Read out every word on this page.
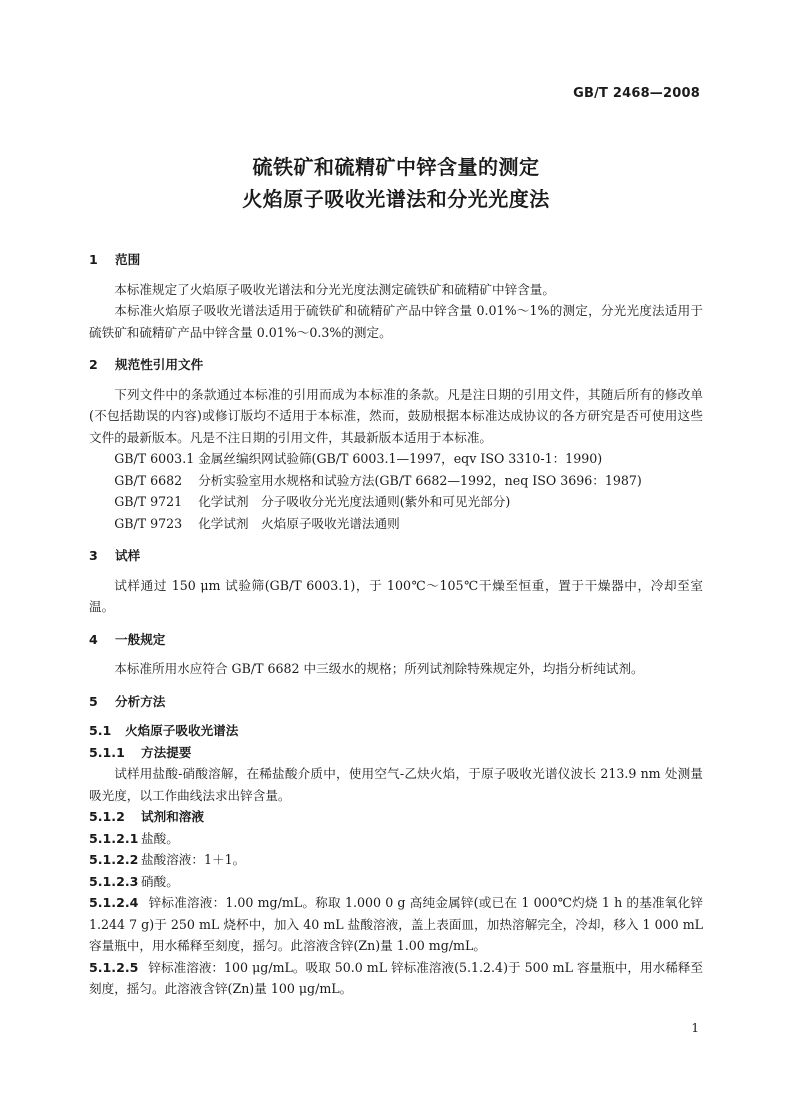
GB/T 2468—2008
硫铁矿和硫精矿中锌含量的测定
火焰原子吸收光谱法和分光光度法
1 范围

本标准规定了火焰原子吸收光谱法和分光光度法测定硫铁矿和硫精矿中锌含量。

本标准火焰原子吸收光谱法适用于硫铁矿和硫精矿产品中锌含量 0.01%～1%的测定，分光光度法适用于硫铁矿和硫精矿产品中锌含量 0.01%～0.3%的测定。

2 规范性引用文件

下列文件中的条款通过本标准的引用而成为本标准的条款。凡是注日期的引用文件，其随后所有的修改单(不包括勘误的内容)或修订版均不适用于本标准，然而，鼓励根据本标准达成协议的各方研究是否可使用这些文件的最新版本。凡是不注日期的引用文件，其最新版本适用于本标准。

GB/T 6003.1 金属丝编织网试验筛(GB/T 6003.1—1997，eqv ISO 3310-1：1990)
GB/T 6682 分析实验室用水规格和试验方法(GB/T 6682—1992，neq ISO 3696：1987)
GB/T 9721 化学试剂　分子吸收分光光度法通则(紫外和可见光部分)
GB/T 9723 化学试剂　火焰原子吸收光谱法通则
3 试样

试样通过 150 μm 试验筛(GB/T 6003.1)，于 100℃～105℃干燥至恒重，置于干燥器中，冷却至室温。

4 一般规定

本标准所用水应符合 GB/T 6682 中三级水的规格；所列试剂除特殊规定外，均指分析纯试剂。

5 分析方法
5.1 火焰原子吸收光谱法
5.1.1 方法提要

试样用盐酸-硝酸溶解，在稀盐酸介质中，使用空气-乙炔火焰，于原子吸收光谱仪波长 213.9 nm 处测量吸光度，以工作曲线法求出锌含量。

5.1.2 试剂和溶液
5.1.2.1 盐酸。
5.1.2.2 盐酸溶液：1＋1。
5.1.2.3 硝酸。
5.1.2.4 锌标准溶液：1.00 mg/mL。称取 1.000 0 g 高纯金属锌(或已在 1 000℃灼烧 1 h 的基准氧化锌 1.244 7 g)于 250 mL 烧杯中，加入 40 mL 盐酸溶液，盖上表面皿，加热溶解完全，冷却，移入 1 000 mL 容量瓶中，用水稀释至刻度，摇匀。此溶液含锌(Zn)量 1.00 mg/mL。
5.1.2.5 锌标准溶液：100 μg/mL。吸取 50.0 mL 锌标准溶液(5.1.2.4)于 500 mL 容量瓶中，用水稀释至刻度，摇匀。此溶液含锌(Zn)量 100 μg/mL。
1
